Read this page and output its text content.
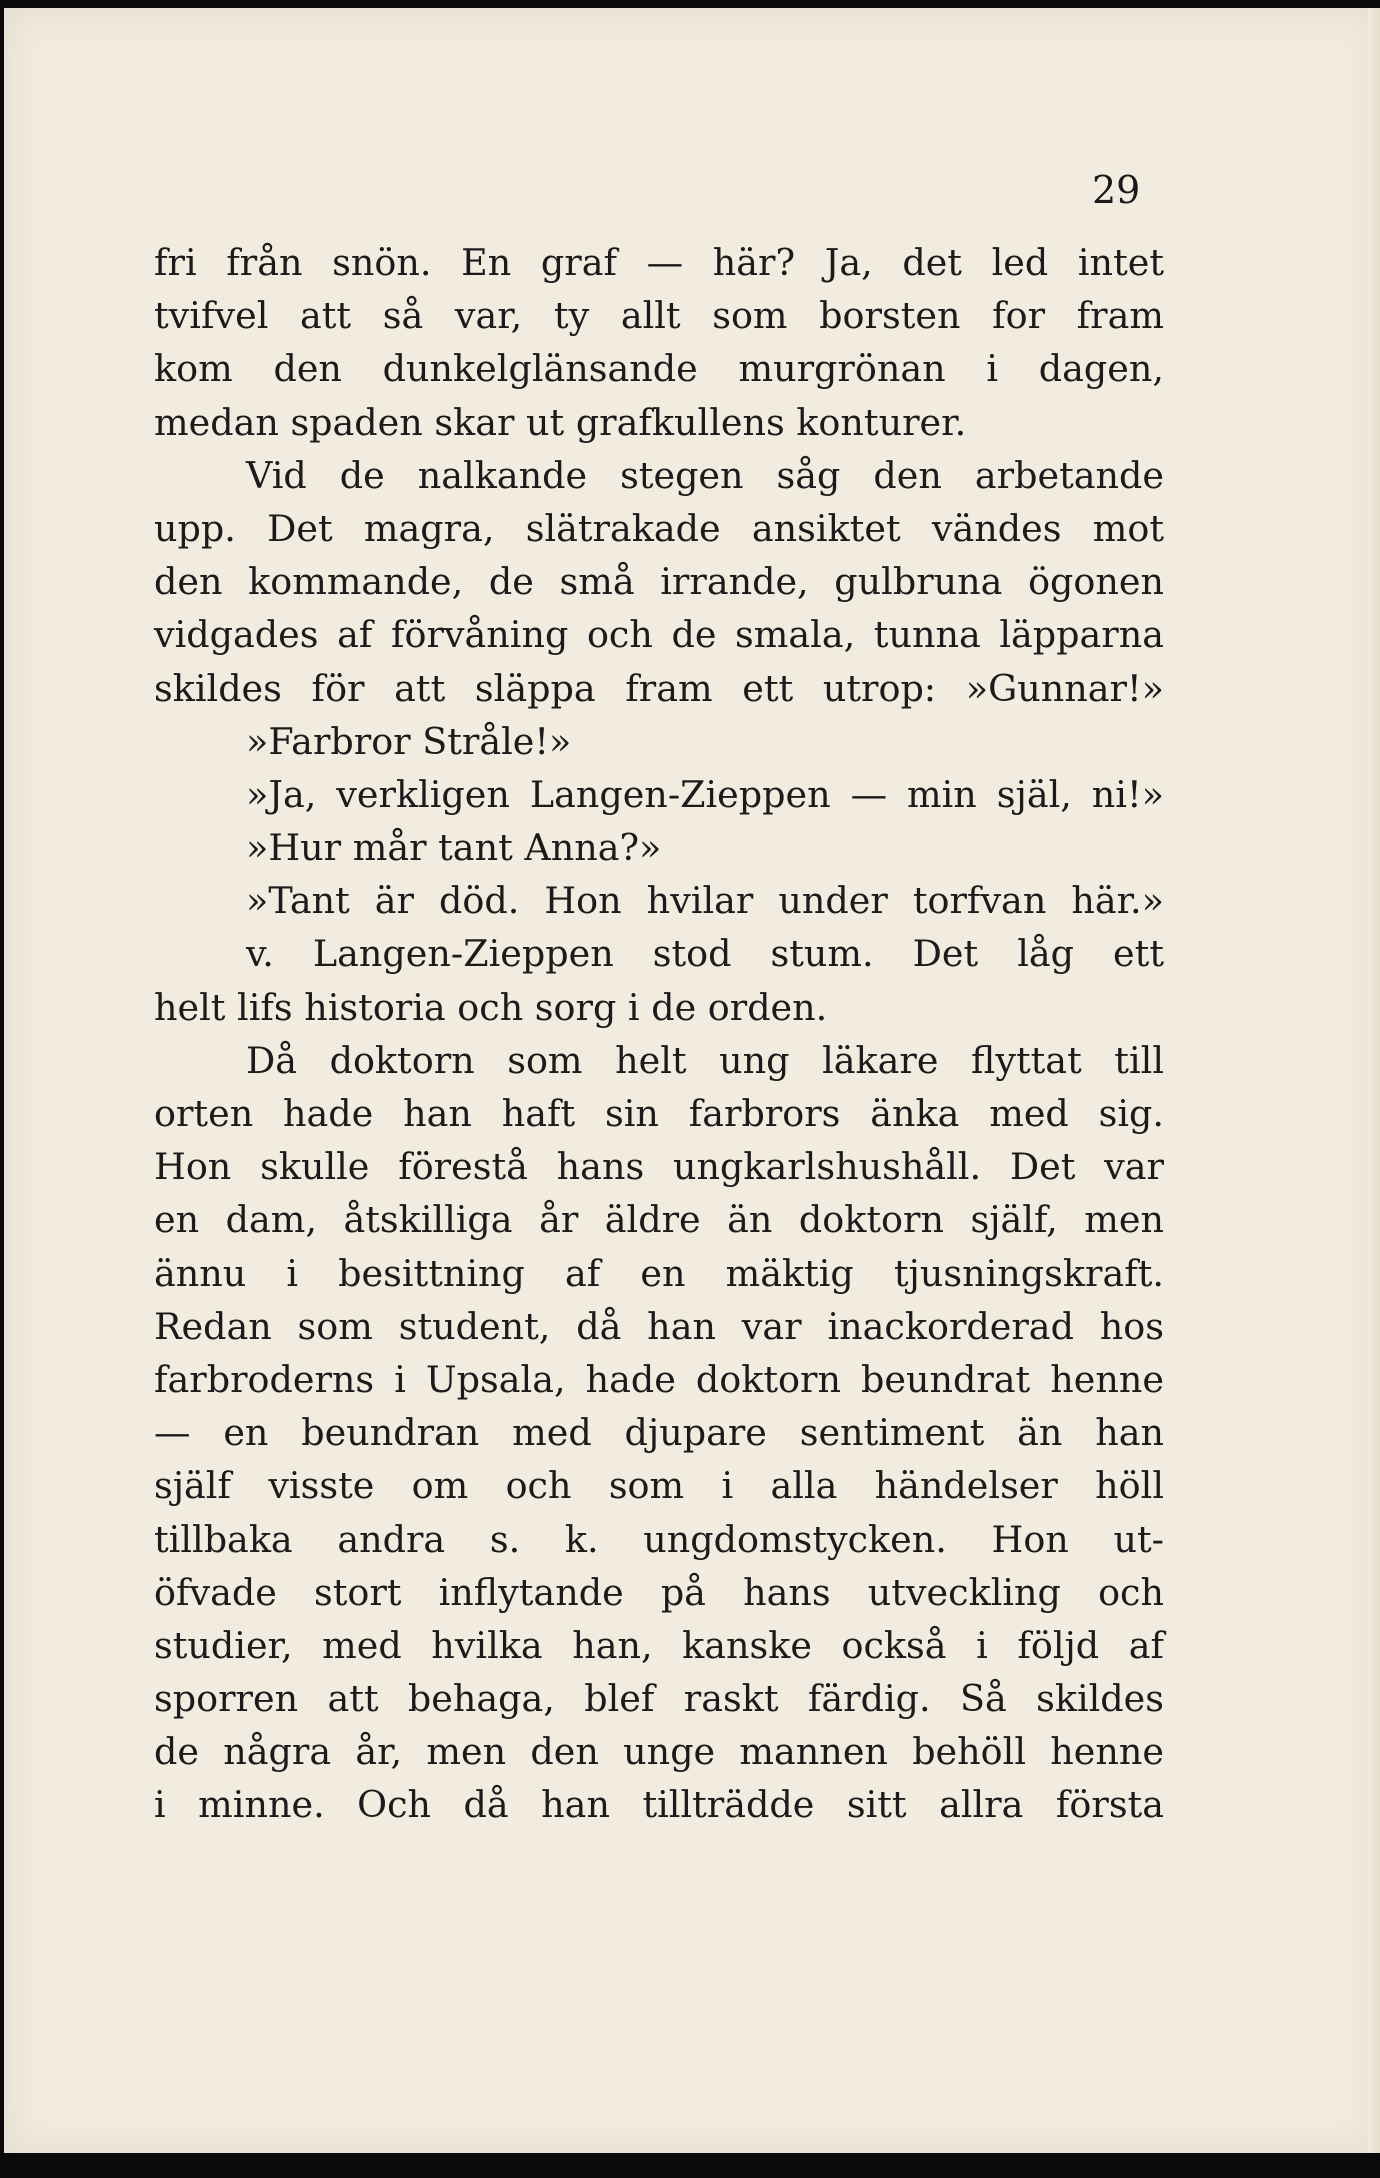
29
fri från snön. En graf — här? Ja, det led intet
tvifvel att så var, ty allt som borsten for fram
kom den dunkelglänsande murgrönan i dagen,
medan spaden skar ut grafkullens konturer.
Vid de nalkande stegen såg den arbetande
upp. Det magra, slätrakade ansiktet vändes mot
den kommande, de små irrande, gulbruna ögonen
vidgades af förvåning och de smala, tunna läpparna
skildes för att släppa fram ett utrop: »Gunnar!»
»Farbror Stråle!»
»Ja, verkligen Langen-Zieppen — min själ, ni!»
»Hur mår tant Anna?»
»Tant är död. Hon hvilar under torfvan här.»
v. Langen-Zieppen stod stum. Det låg ett
helt lifs historia och sorg i de orden.
Då doktorn som helt ung läkare flyttat till
orten hade han haft sin farbrors änka med sig.
Hon skulle förestå hans ungkarlshushåll. Det var
en dam, åtskilliga år äldre än doktorn själf, men
ännu i besittning af en mäktig tjusningskraft.
Redan som student, då han var inackorderad hos
farbroderns i Upsala, hade doktorn beundrat henne
— en beundran med djupare sentiment än han
själf visste om och som i alla händelser höll
tillbaka andra s. k. ungdomstycken. Hon ut-
öfvade stort inflytande på hans utveckling och
studier, med hvilka han, kanske också i följd af
sporren att behaga, blef raskt färdig. Så skildes
de några år, men den unge mannen behöll henne
i minne. Och då han tillträdde sitt allra första
